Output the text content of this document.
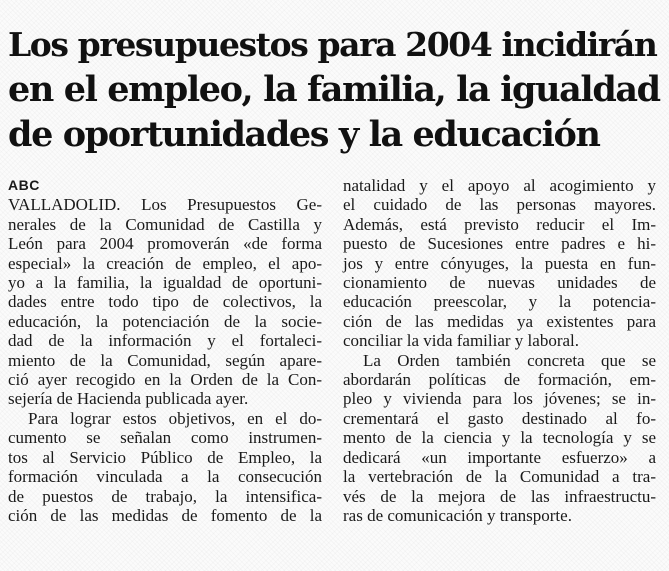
Los presupuestos para 2004 incidirán
en el empleo, la familia, la igualdad
de oportunidades y la educación
ABC
VALLADOLID. Los Presupuestos Ge-
nerales de la Comunidad de Castilla y
León para 2004 promoverán «de forma
especial» la creación de empleo, el apo-
yo a la familia, la igualdad de oportuni-
dades entre todo tipo de colectivos, la
educación, la potenciación de la socie-
dad de la información y el fortaleci-
miento de la Comunidad, según apare-
ció ayer recogido en la Orden de la Con-
sejería de Hacienda publicada ayer.
Para lograr estos objetivos, en el do-
cumento se señalan como instrumen-
tos al Servicio Público de Empleo, la
formación vinculada a la consecución
de puestos de trabajo, la intensifica-
ción de las medidas de fomento de la
natalidad y el apoyo al acogimiento y
el cuidado de las personas mayores.
Además, está previsto reducir el Im-
puesto de Sucesiones entre padres e hi-
jos y entre cónyuges, la puesta en fun-
cionamiento de nuevas unidades de
educación preescolar, y la potencia-
ción de las medidas ya existentes para
conciliar la vida familiar y laboral.
La Orden también concreta que se
abordarán políticas de formación, em-
pleo y vivienda para los jóvenes; se in-
crementará el gasto destinado al fo-
mento de la ciencia y la tecnología y se
dedicará «un importante esfuerzo» a
la vertebración de la Comunidad a tra-
vés de la mejora de las infraestructu-
ras de comunicación y transporte.
